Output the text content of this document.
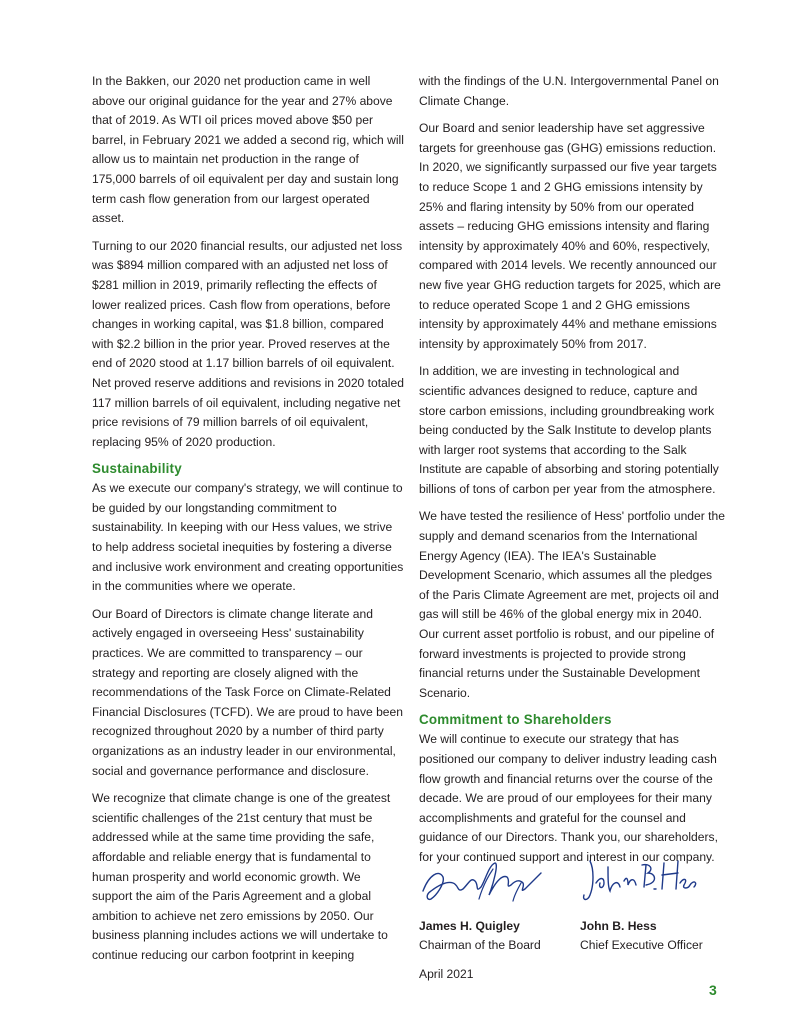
In the Bakken, our 2020 net production came in well above our original guidance for the year and 27% above that of 2019. As WTI oil prices moved above $50 per barrel, in February 2021 we added a second rig, which will allow us to maintain net production in the range of 175,000 barrels of oil equivalent per day and sustain long term cash flow generation from our largest operated asset.

Turning to our 2020 financial results, our adjusted net loss was $894 million compared with an adjusted net loss of $281 million in 2019, primarily reflecting the effects of lower realized prices. Cash flow from operations, before changes in working capital, was $1.8 billion, compared with $2.2 billion in the prior year. Proved reserves at the end of 2020 stood at 1.17 billion barrels of oil equivalent. Net proved reserve additions and revisions in 2020 totaled 117 million barrels of oil equivalent, including negative net price revisions of 79 million barrels of oil equivalent, replacing 95% of 2020 production.

Sustainability

As we execute our company's strategy, we will continue to be guided by our longstanding commitment to sustainability. In keeping with our Hess values, we strive to help address societal inequities by fostering a diverse and inclusive work environment and creating opportunities in the communities where we operate.

Our Board of Directors is climate change literate and actively engaged in overseeing Hess' sustainability practices. We are committed to transparency – our strategy and reporting are closely aligned with the recommendations of the Task Force on Climate-Related Financial Disclosures (TCFD). We are proud to have been recognized throughout 2020 by a number of third party organizations as an industry leader in our environmental, social and governance performance and disclosure.

We recognize that climate change is one of the greatest scientific challenges of the 21st century that must be addressed while at the same time providing the safe, affordable and reliable energy that is fundamental to human prosperity and world economic growth. We support the aim of the Paris Agreement and a global ambition to achieve net zero emissions by 2050. Our business planning includes actions we will undertake to continue reducing our carbon footprint in keeping

with the findings of the U.N. Intergovernmental Panel on Climate Change.

Our Board and senior leadership have set aggressive targets for greenhouse gas (GHG) emissions reduction. In 2020, we significantly surpassed our five year targets to reduce Scope 1 and 2 GHG emissions intensity by 25% and flaring intensity by 50% from our operated assets – reducing GHG emissions intensity and flaring intensity by approximately 40% and 60%, respectively, compared with 2014 levels. We recently announced our new five year GHG reduction targets for 2025, which are to reduce operated Scope 1 and 2 GHG emissions intensity by approximately 44% and methane emissions intensity by approximately 50% from 2017.

In addition, we are investing in technological and scientific advances designed to reduce, capture and store carbon emissions, including groundbreaking work being conducted by the Salk Institute to develop plants with larger root systems that according to the Salk Institute are capable of absorbing and storing potentially billions of tons of carbon per year from the atmosphere.

We have tested the resilience of Hess' portfolio under the supply and demand scenarios from the International Energy Agency (IEA). The IEA's Sustainable Development Scenario, which assumes all the pledges of the Paris Climate Agreement are met, projects oil and gas will still be 46% of the global energy mix in 2040. Our current asset portfolio is robust, and our pipeline of forward investments is projected to provide strong financial returns under the Sustainable Development Scenario.

Commitment to Shareholders

We will continue to execute our strategy that has positioned our company to deliver industry leading cash flow growth and financial returns over the course of the decade. We are proud of our employees for their many accomplishments and grateful for the counsel and guidance of our Directors. Thank you, our shareholders, for your continued support and interest in our company.

James H. Quigley
Chairman of the Board
John B. Hess
Chief Executive Officer
April 2021
3
